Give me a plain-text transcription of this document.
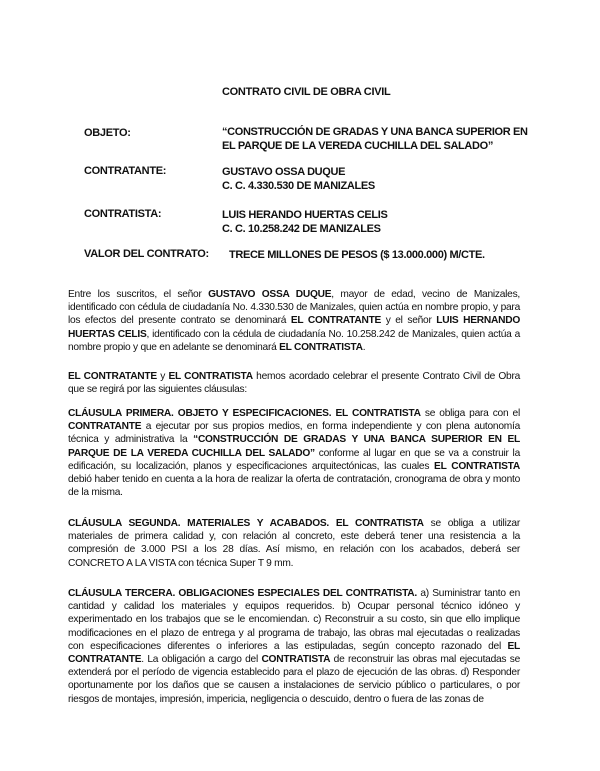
CONTRATO CIVIL DE OBRA CIVIL
OBJETO:	“CONSTRUCCIÓN DE GRADAS Y UNA BANCA SUPERIOR EN
EL PARQUE DE LA VEREDA CUCHILLA DEL SALADO”
CONTRATANTE:	GUSTAVO OSSA DUQUE
C. C. 4.330.530 DE MANIZALES
CONTRATISTA:	LUIS HERANDO HUERTAS CELIS
C. C. 10.258.242 DE MANIZALES
VALOR DEL CONTRATO: TRECE MILLONES DE PESOS ($ 13.000.000) M/CTE.

Entre los suscritos, el señor GUSTAVO OSSA DUQUE, mayor de edad, vecino de Manizales, identificado con cédula de ciudadanía No. 4.330.530 de Manizales, quien actúa en nombre propio, y para los efectos del presente contrato se denominará EL CONTRATANTE y el señor LUIS HERNANDO HUERTAS CELIS, identificado con la cédula de ciudadanía No. 10.258.242 de Manizales, quien actúa a nombre propio y que en adelante se denominará EL CONTRATISTA.

EL CONTRATANTE y EL CONTRATISTA hemos acordado celebrar el presente Contrato Civil de Obra que se regirá por las siguientes cláusulas:

CLÁUSULA PRIMERA. OBJETO Y ESPECIFICACIONES. EL CONTRATISTA se obliga para con el CONTRATANTE a ejecutar por sus propios medios, en forma independiente y con plena autonomía técnica y administrativa la “CONSTRUCCIÓN DE GRADAS Y UNA BANCA SUPERIOR EN EL PARQUE DE LA VEREDA CUCHILLA DEL SALADO” conforme al lugar en que se va a construir la edificación, su localización, planos y especificaciones arquitectónicas, las cuales EL CONTRATISTA debió haber tenido en cuenta a la hora de realizar la oferta de contratación, cronograma de obra y monto de la misma.

CLÁUSULA SEGUNDA. MATERIALES Y ACABADOS. EL CONTRATISTA se obliga a utilizar materiales de primera calidad y, con relación al concreto, este deberá tener una resistencia a la compresión de 3.000 PSI a los 28 días. Así mismo, en relación con los acabados, deberá ser CONCRETO A LA VISTA con técnica Super T 9 mm.

CLÁUSULA TERCERA. OBLIGACIONES ESPECIALES DEL CONTRATISTA. a) Suministrar tanto en cantidad y calidad los materiales y equipos requeridos. b) Ocupar personal técnico idóneo y experimentado en los trabajos que se le encomiendan. c) Reconstruir a su costo, sin que ello implique modificaciones en el plazo de entrega y al programa de trabajo, las obras mal ejecutadas o realizadas con especificaciones diferentes o inferiores a las estipuladas, según concepto razonado del EL CONTRATANTE. La obligación a cargo del CONTRATISTA de reconstruir las obras mal ejecutadas se extenderá por el período de vigencia establecido para el plazo de ejecución de las obras. d) Responder oportunamente por los daños que se causen a instalaciones de servicio público o particulares, o por riesgos de montajes, impresión, impericia, negligencia o descuido, dentro o fuera de las zonas de
